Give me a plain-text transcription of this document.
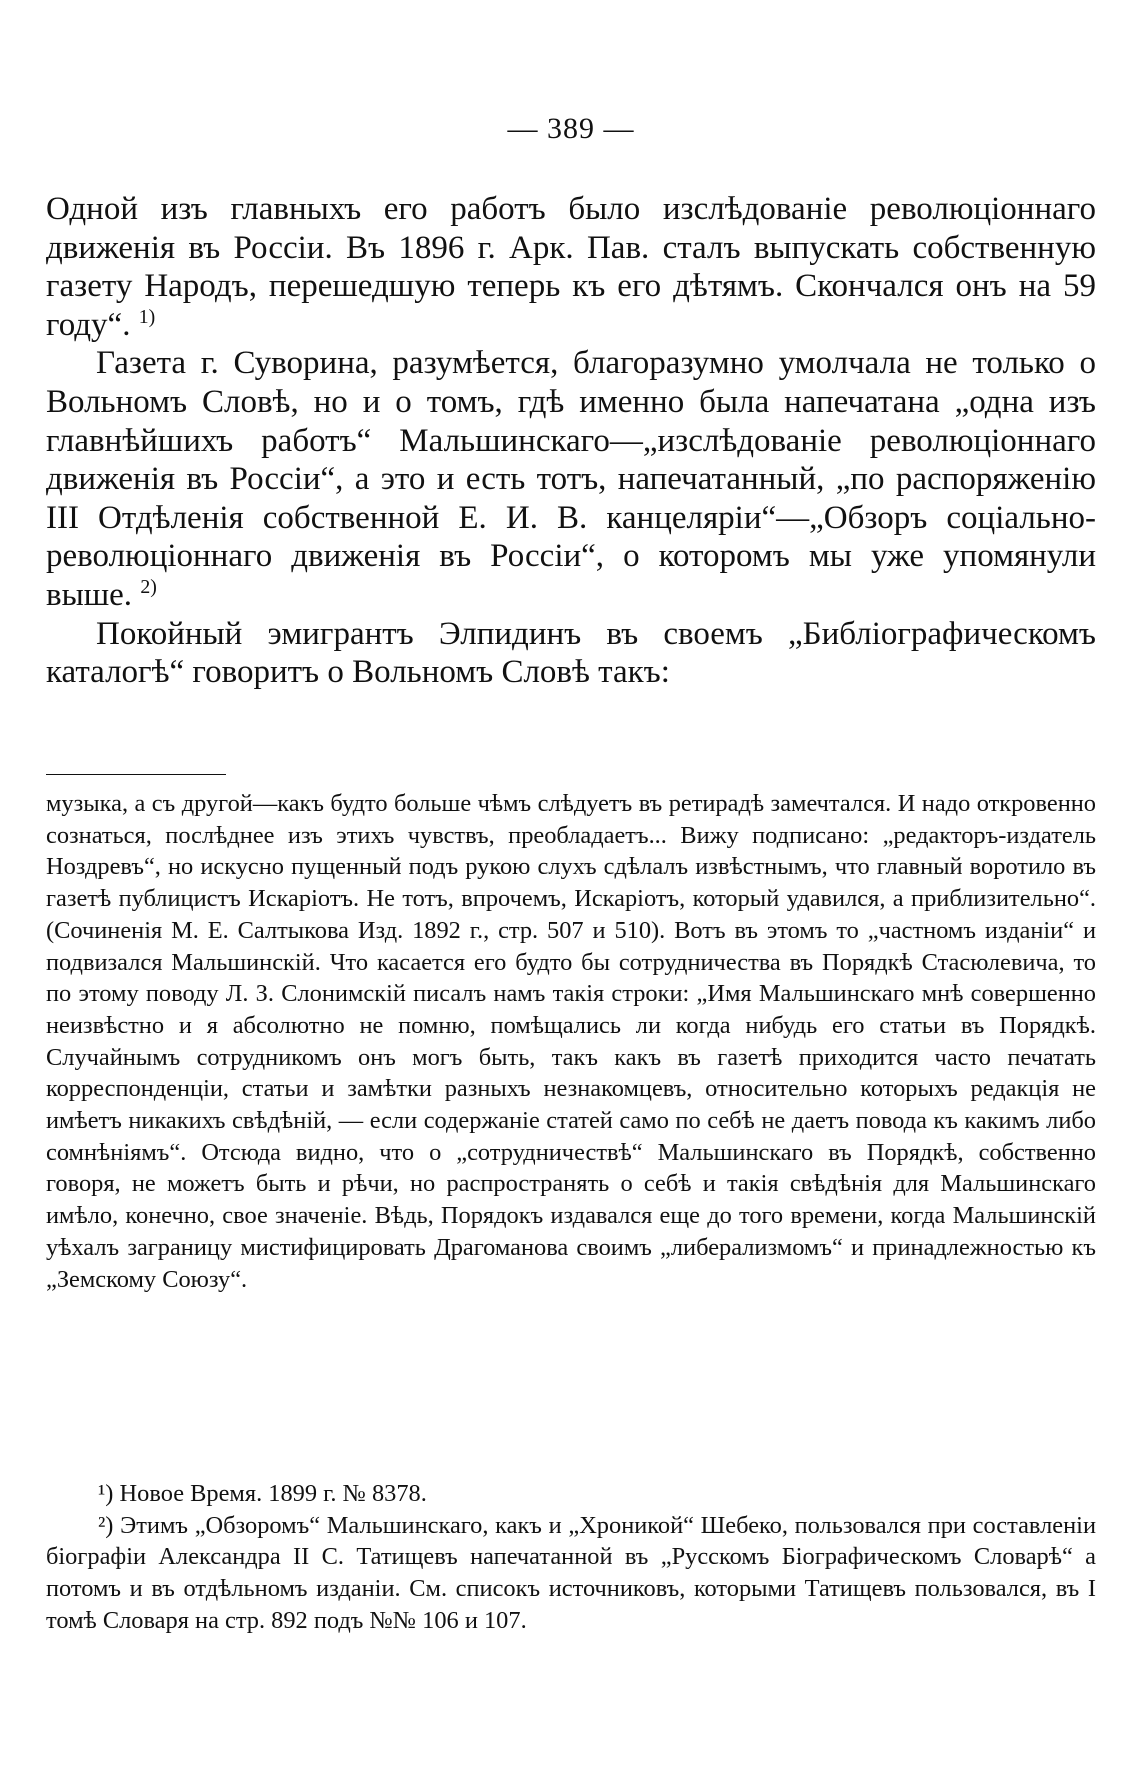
— 389 —

Одной изъ главныхъ его работъ было изслѣдованіе революціоннаго движенія въ Россіи. Въ 1896 г. Арк. Пав. сталъ выпускать собственную газету Народъ, перешедшую теперь къ его дѣтямъ. Скончался онъ на 59 году“. $^{1)}$

Газета г. Суворина, разумѣется, благоразумно умолчала не только о Вольномъ Словѣ, но и о томъ, гдѣ именно была напечатана „одна изъ главнѣйшихъ работъ“ Мальшинскаго—„изслѣдованіе революціоннаго движенія въ Россіи“, а это и есть тотъ, напечатанный, „по распоряженію III Отдѣленія собственной Е. И. В. канцеляріи“—„Обзоръ соціально-революціоннаго движенія въ Россіи“, о которомъ мы уже упомянули выше. $^{2)}$

Покойный эмигрантъ Элпидинъ въ своемъ „Библіографическомъ каталогѣ“ говоритъ о Вольномъ Словѣ такъ:

музыка, а съ другой—какъ будто больше чѣмъ слѣдуетъ въ ретирадѣ замечтался. И надо откровенно сознаться, послѣднее изъ этихъ чувствъ, преобладаетъ... Вижу подписано: „редакторъ-издатель Ноздревъ“, но искусно пущенный подъ рукою слухъ сдѣлалъ извѣстнымъ, что главный воротило въ газетѣ публицистъ Искаріотъ. Не тотъ, впрочемъ, Искаріотъ, который удавился, а приблизительно“. (Сочиненія М. Е. Салтыкова Изд. 1892 г., стр. 507 и 510). Вотъ въ этомъ то „частномъ изданіи“ и подвизался Мальшинскій. Что касается его будто бы сотрудничества въ Порядкѣ Стасюлевича, то по этому поводу Л. З. Слонимскій писалъ намъ такія строки: „Имя Мальшинскаго мнѣ совершенно неизвѣстно и я абсолютно не помню, помѣщались ли когда нибудь его статьи въ Порядкѣ. Случайнымъ сотрудникомъ онъ могъ быть, такъ какъ въ газетѣ приходится часто печатать корреспонденціи, статьи и замѣтки разныхъ незнакомцевъ, относительно которыхъ редакція не имѣетъ никакихъ свѣдѣній, — если содержаніе статей само по себѣ не даетъ повода къ какимъ либо сомнѣніямъ“. Отсюда видно, что о „сотрудничествѣ“ Мальшинскаго въ Порядкѣ, собственно говоря, не можетъ быть и рѣчи, но распространять о себѣ и такія свѣдѣнія для Мальшинскаго имѣло, конечно, свое значеніе. Вѣдь, Порядокъ издавался еще до того времени, когда Мальшинскій уѣхалъ заграницу мистифицировать Драгоманова своимъ „либерализмомъ“ и принадлежностью къ „Земскому Союзу“.

¹) Новое Время. 1899 г. № 8378.

²) Этимъ „Обзоромъ“ Мальшинскаго, какъ и „Хроникой“ Шебеко, пользовался при составленіи біографіи Александра II С. Татищевъ напечатанной въ „Русскомъ Біографическомъ Словарѣ“ а потомъ и въ отдѣльномъ изданіи. См. списокъ источниковъ, которыми Татищевъ пользовался, въ I томѣ Словаря на стр. 892 подъ №№ 106 и 107.
